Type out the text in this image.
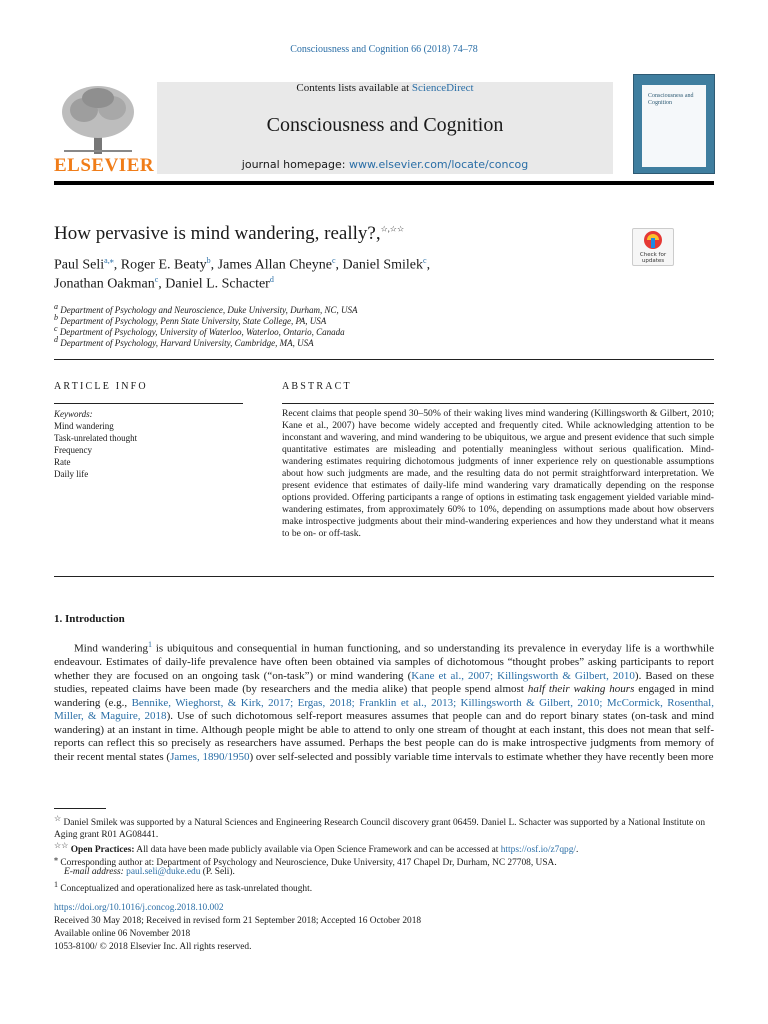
Consciousness and Cognition 66 (2018) 74–78
ELSEVIER
Contents lists available at ScienceDirect
Consciousness and Cognition
journal homepage: www.elsevier.com/locate/concog
Consciousness and Cognition
How pervasive is mind wandering, really?,☆,☆☆
Check for updates
Paul Seli$^{a,⁎}$, Roger E. Beaty$^b$, James Allan Cheyne$^c$, Daniel Smilek$^c$,
Jonathan Oakman$^c$, Daniel L. Schacter$^d$
$^a$ Department of Psychology and Neuroscience, Duke University, Durham, NC, USA
$^b$ Department of Psychology, Penn State University, State College, PA, USA
$^c$ Department of Psychology, University of Waterloo, Waterloo, Ontario, Canada
$^d$ Department of Psychology, Harvard University, Cambridge, MA, USA
ARTICLE INFO	ABSTRACT
Keywords:
Mind wandering
Task-unrelated thought
Frequency
Rate
Daily life
Recent claims that people spend 30–50% of their waking lives mind wandering (Killingsworth & Gilbert, 2010; Kane et al., 2007) have become widely accepted and frequently cited. While acknowledging attention to be inconstant and wavering, and mind wandering to be ubiquitous, we argue and present evidence that such simple quantitative estimates are misleading and potentially meaningless without serious qualification. Mind-wandering estimates requiring dichotomous judgments of inner experience rely on questionable assumptions about how such judgments are made, and the resulting data do not permit straightforward interpretation. We present evidence that estimates of daily-life mind wandering vary dramatically depending on the response options provided. Offering participants a range of options in estimating task engagement yielded variable mind-wandering estimates, from approximately 60% to 10%, depending on assumptions made about how observers make introspective judgments about their mind-wandering experiences and how they understand what it means to be on- or off-task.
1. Introduction
Mind wandering$^1$ is ubiquitous and consequential in human functioning, and so understanding its prevalence in everyday life is a worthwhile endeavour. Estimates of daily-life prevalence have often been obtained via samples of dichotomous “thought probes” asking participants to report whether they are focused on an ongoing task (“on-task”) or mind wandering (Kane et al., 2007; Killingsworth & Gilbert, 2010). Based on these studies, repeated claims have been made (by researchers and the media alike) that people spend almost half their waking hours engaged in mind wandering (e.g., Bennike, Wieghorst, & Kirk, 2017; Ergas, 2018; Franklin et al., 2013; Killingsworth & Gilbert, 2010; McCormick, Rosenthal, Miller, & Maguire, 2018). Use of such dichotomous self-report measures assumes that people can and do report binary states (on-task and mind wandering) at an instant in time. Although people might be able to attend to only one stream of thought at each instant, this does not mean that self-reports can reflect this so precisely as researchers have assumed. Perhaps the best people can do is make introspective judgments from memory of their recent mental states (James, 1890/1950) over self-selected and possibly variable time intervals to estimate whether they have recently been more
☆ Daniel Smilek was supported by a Natural Sciences and Engineering Research Council discovery grant 06459. Daniel L. Schacter was supported by a National Institute on Aging grant R01 AG08441.
☆☆ Open Practices: All data have been made publicly available via Open Science Framework and can be accessed at https://osf.io/z7qpg/.
⁎ Corresponding author at: Department of Psychology and Neuroscience, Duke University, 417 Chapel Dr, Durham, NC 27708, USA.
E-mail address: paul.seli@duke.edu (P. Seli).
$^1$ Conceptualized and operationalized here as task-unrelated thought.
https://doi.org/10.1016/j.concog.2018.10.002
Received 30 May 2018; Received in revised form 21 September 2018; Accepted 16 October 2018
Available online 06 November 2018
1053-8100/ © 2018 Elsevier Inc. All rights reserved.
